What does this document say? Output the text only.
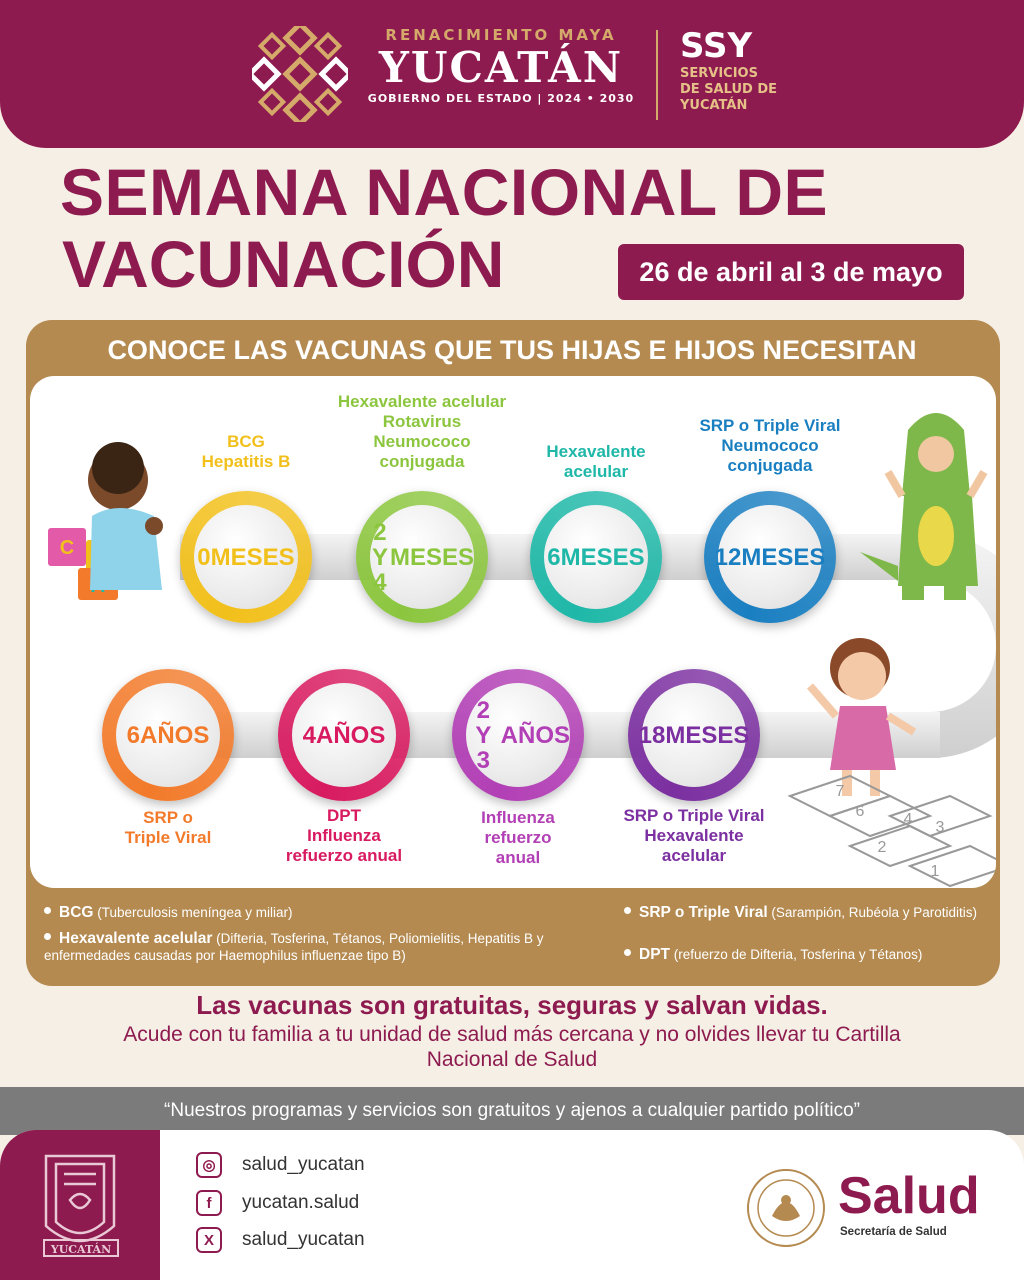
RENACIMIENTO MAYA
YUCATÁN
GOBIERNO DEL ESTADO | 2024 • 2030
SSY
SERVICIOS
DE SALUD DE
YUCATÁN
SEMANA NACIONAL DE
VACUNACIÓN	26 de abril al 3 de mayo
CONOCE LAS VACUNAS QUE TUS HIJAS E HIJOS NECESITAN
C
7
6 4 3
2
1
0 MESES
BCG
Hepatitis B
2 Y 4
MESES
Hexavalente acelular
Rotavirus
Neumococo
conjugada
6 MESES
Hexavalente
acelular
12 MESES
SRP o Triple Viral
Neumococo
conjugada
18 MESES
SRP o Triple Viral
Hexavalente
acelular
2 Y 3
AÑOS
Influenza
refuerzo
anual
4 AÑOS
DPT
Influenza
refuerzo anual
6 AÑOS
SRP o
Triple Viral
BCG (Tuberculosis meníngea y miliar)
Hexavalente acelular (Difteria, Tosferina, Tétanos, Poliomielitis, Hepatitis B y enfermedades causadas por Haemophilus influenzae tipo B)
SRP o Triple Viral (Sarampión, Rubéola y Parotiditis)
DPT (refuerzo de Difteria, Tosferina y Tétanos)
Las vacunas son gratuitas, seguras y salvan vidas.
Acude con tu familia a tu unidad de salud más cercana y no olvides llevar tu Cartilla Nacional de Salud
“Nuestros programas y servicios son gratuitos y ajenos a cualquier partido político”
YUCATÁN
◎	salud_yucatan
f	yucatan.salud
X	salud_yucatan
Salud
Secretaría de Salud
